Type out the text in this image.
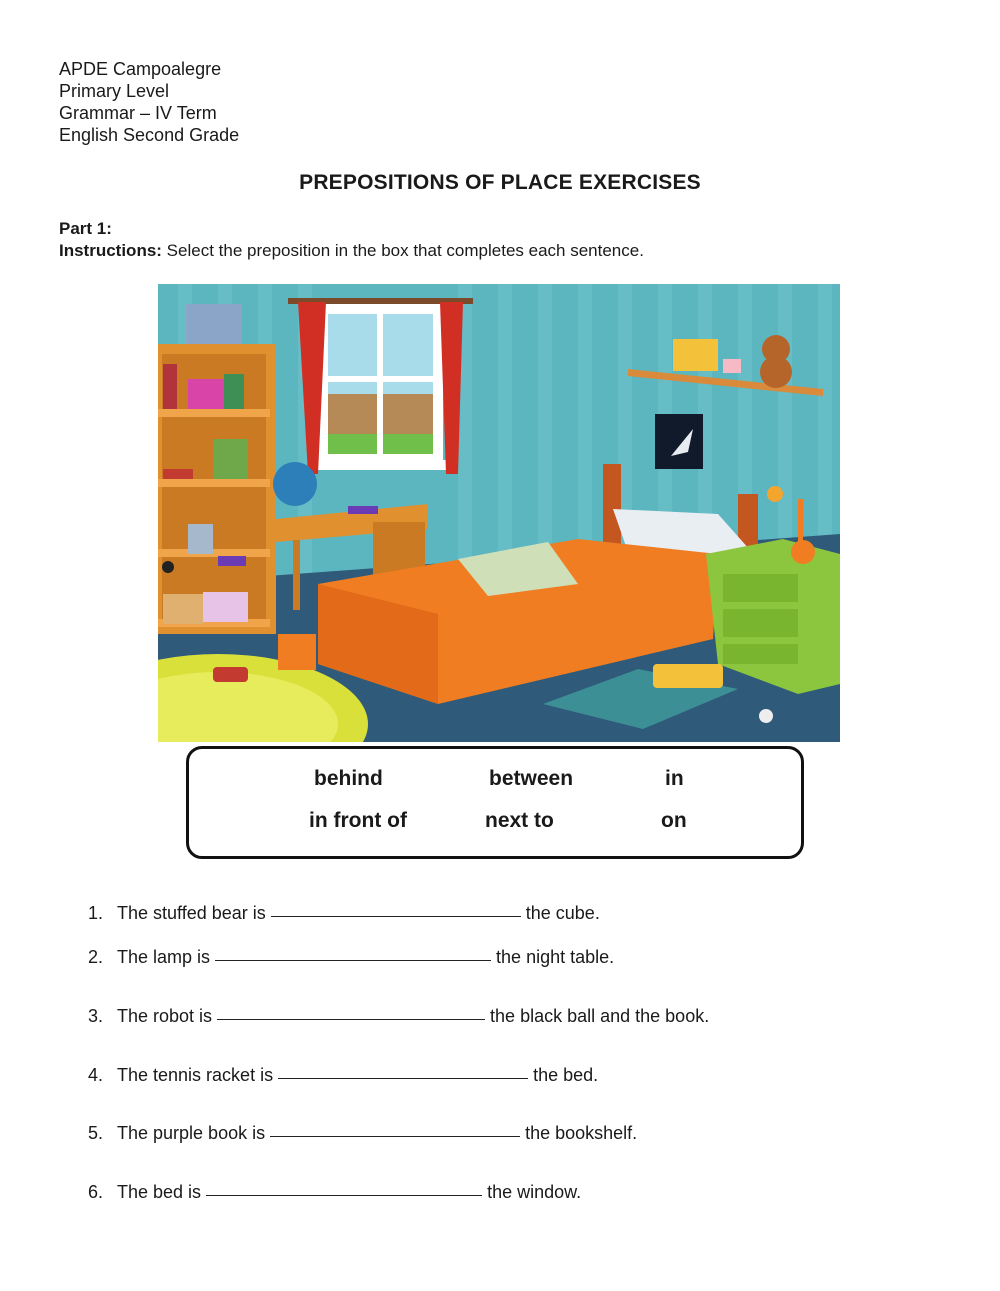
APDE Campoalegre
Primary Level
Grammar – IV Term
English Second Grade
PREPOSITIONS OF PLACE EXERCISES
Part 1:
Instructions: Select the preposition in the box that completes each sentence.
behind	between	in
in front of	next to	on
1. The stuffed bear is	the cube.
2. The lamp is	the night table.
3. The robot is	the black ball and the book.
4. The tennis racket is	the bed.
5. The purple book is	the bookshelf.
6. The bed is	the window.
